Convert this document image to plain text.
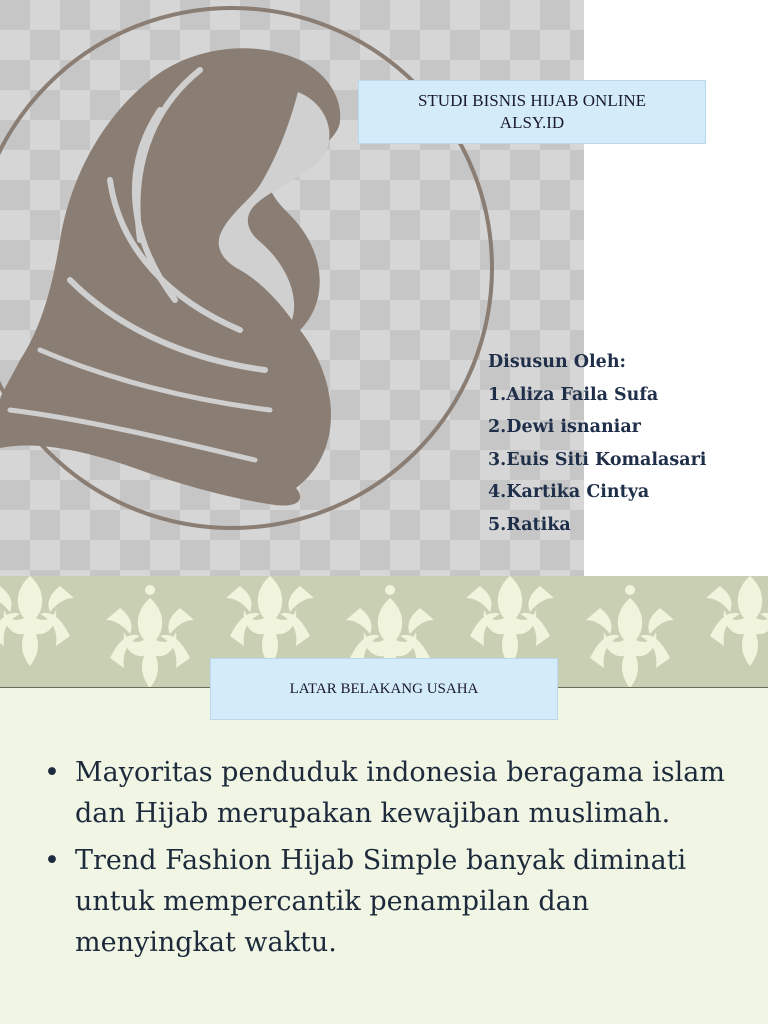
STUDI BISNIS HIJAB ONLINE
ALSY.ID
Disusun Oleh:
1.Aliza Faila Sufa
2.Dewi isnaniar
3.Euis Siti Komalasari
4.Kartika Cintya
5.Ratika
LATAR BELAKANG USAHA
• Mayoritas penduduk indonesia beragama islam dan Hijab merupakan kewajiban muslimah.
• Trend Fashion Hijab Simple banyak diminati untuk mempercantik penampilan dan menyingkat waktu.
